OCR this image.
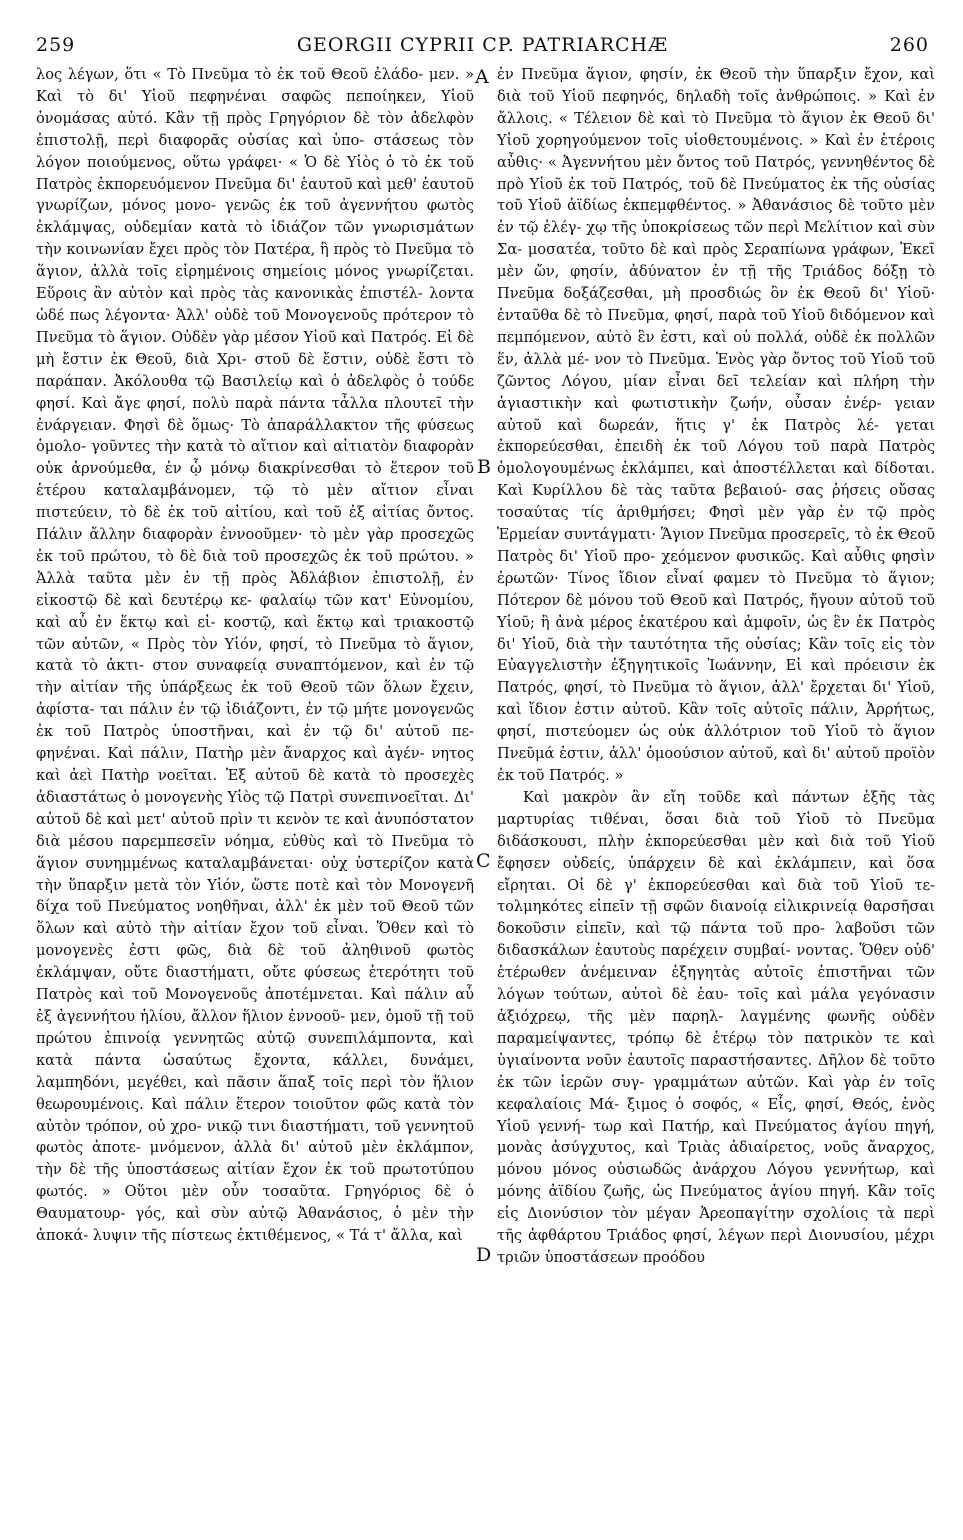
259	GEORGII CYPRII CP. PATRIARCHÆ	260

λος λέγων, ὅτι « Τὸ Πνεῦμα τὸ ἐκ τοῦ Θεοῦ ἐλάδο- μεν. » Καὶ τὸ δι' Υἱοῦ πεφηνέναι σαφῶς πεποίηκεν, Υἱοῦ ὀνομάσας αὐτό. Κἂν τῇ πρὸς Γρηγόριον δὲ τὸν ἀδελφὸν ἐπιστολῇ, περὶ διαφορᾶς οὐσίας καὶ ὑπο- στάσεως τὸν λόγον ποιούμενος, οὕτω γράφει· « Ὁ δὲ Υἱὸς ὁ τὸ ἐκ τοῦ Πατρὸς ἐκπορευόμενον Πνεῦμα δι' ἑαυτοῦ καὶ μεθ' ἑαυτοῦ γνωρίζων, μόνος μονο- γενῶς ἐκ τοῦ ἀγεννήτου φωτὸς ἐκλάμψας, οὐδεμίαν κατὰ τὸ ἰδιάζον τῶν γνωρισμάτων τὴν κοινωνίαν ἔχει πρὸς τὸν Πατέρα, ἢ πρὸς τὸ Πνεῦμα τὸ ἅγιον, ἀλλὰ τοῖς εἰρημένοις σημείοις μόνος γνωρίζεται. Εὕροις ἂν αὐτὸν καὶ πρὸς τὰς κανονικὰς ἐπιστέλ- λοντα ὡδέ πως λέγοντα· Ἀλλ' οὐδὲ τοῦ Μονογενοῦς πρότερον τὸ Πνεῦμα τὸ ἅγιον. Οὐδὲν γὰρ μέσον Υἱοῦ καὶ Πατρός. Εἰ δὲ μὴ ἔστιν ἐκ Θεοῦ, διὰ Χρι- στοῦ δὲ ἔστιν, οὐδὲ ἔστι τὸ παράπαν. Ἀκόλουθα τῷ Βασιλείῳ καὶ ὁ ἀδελφὸς ὁ τούδε φησί. Καὶ ἄγε φησί, πολὺ παρὰ πάντα τἆλλα πλουτεῖ τὴν ἐνάργειαν. Φησὶ δὲ ὅμως· Τὸ ἀπαράλλακτον τῆς φύσεως ὁμολο- γοῦντες τὴν κατὰ τὸ αἴτιον καὶ αἰτιατὸν διαφορὰν οὐκ ἀρνούμεθα, ἐν ᾧ μόνῳ διακρίνεσθαι τὸ ἕτερον τοῦ ἑτέρου καταλαμβάνομεν, τῷ τὸ μὲν αἴτιον εἶναι πιστεύειν, τὸ δὲ ἐκ τοῦ αἰτίου, καὶ τοῦ ἐξ αἰτίας ὄντος. Πάλιν ἄλλην διαφορὰν ἐννοοῦμεν· τὸ μὲν γὰρ προσεχῶς ἐκ τοῦ πρώτου, τὸ δὲ διὰ τοῦ προσεχῶς ἐκ τοῦ πρώτου. » Ἀλλὰ ταῦτα μὲν ἐν τῇ πρὸς Ἀδλάβιον ἐπιστολῇ, ἐν εἰκοστῷ δὲ καὶ δευτέρῳ κε- φαλαίῳ τῶν κατ' Εὐνομίου, καὶ αὖ ἐν ἕκτῳ καὶ εἰ- κοστῷ, καὶ ἕκτῳ καὶ τριακοστῷ τῶν αὐτῶν, « Πρὸς τὸν Υἱόν, φησί, τὸ Πνεῦμα τὸ ἅγιον, κατὰ τὸ ἀκτι- στον συναφείᾳ συναπτόμενον, καὶ ἐν τῷ τὴν αἰτίαν τῆς ὑπάρξεως ἐκ τοῦ Θεοῦ τῶν ὅλων ἔχειν, ἀφίστα- ται πάλιν ἐν τῷ ἰδιάζοντι, ἐν τῷ μήτε μονογενῶς ἐκ τοῦ Πατρὸς ὑποστῆναι, καὶ ἐν τῷ δι' αὐτοῦ πε- φηνέναι. Καὶ πάλιν, Πατὴρ μὲν ἄναρχος καὶ ἀγέν- νητος καὶ ἀεὶ Πατὴρ νοεῖται. Ἐξ αὐτοῦ δὲ κατὰ τὸ προσεχὲς ἀδιαστάτως ὁ μονογενὴς Υἱὸς τῷ Πατρὶ συνεπινοεῖται. Δι' αὐτοῦ δὲ καὶ μετ' αὐτοῦ πρὶν τι κενὸν τε καὶ ἀνυπόστατον διὰ μέσου παρεμπεσεῖν νόημα, εὐθὺς καὶ τὸ Πνεῦμα τὸ ἅγιον συνημμένως καταλαμβάνεται· οὐχ ὑστερίζον κατὰ τὴν ὕπαρξιν μετὰ τὸν Υἱόν, ὥστε ποτὲ καὶ τὸν Μονογενῆ δίχα τοῦ Πνεύματος νοηθῆναι, ἀλλ' ἐκ μὲν τοῦ Θεοῦ τῶν ὅλων καὶ αὐτὸ τὴν αἰτίαν ἔχον τοῦ εἶναι. Ὅθεν καὶ τὸ μονογενὲς ἐστι φῶς, διὰ δὲ τοῦ ἀληθινοῦ φωτὸς ἐκλάμψαν, οὔτε διαστήματι, οὔτε φύσεως ἑτερότητι τοῦ Πατρὸς καὶ τοῦ Μονογενοῦς ἀποτέμνεται. Καὶ πάλιν αὖ ἐξ ἀγεννήτου ἡλίου, ἄλλον ἥλιον ἐννοοῦ- μεν, ὁμοῦ τῇ τοῦ πρώτου ἐπινοίᾳ γεννητῶς αὐτῷ συνεπιλάμποντα, καὶ κατὰ πάντα ὡσαύτως ἔχοντα, κάλλει, δυνάμει, λαμπηδόνι, μεγέθει, καὶ πᾶσιν ἅπαξ τοῖς περὶ τὸν ἥλιον θεωρουμένοις. Καὶ πάλιν ἕτερον τοιοῦτον φῶς κατὰ τὸν αὐτὸν τρόπον, οὐ χρο- νικῷ τινι διαστήματι, τοῦ γεννητοῦ φωτὸς ἀποτε- μνόμενον, ἀλλὰ δι' αὐτοῦ μὲν ἐκλάμπον, τὴν δὲ τῆς ὑποστάσεως αἰτίαν ἔχον ἐκ τοῦ πρωτοτύπου φωτός. » Οὕτοι μὲν οὖν τοσαῦτα. Γρηγόριος δὲ ὁ Θαυματουρ- γός, καὶ σὺν αὐτῷ Ἀθανάσιος, ὁ μὲν τὴν ἀποκά- λυψιν τῆς πίστεως ἐκτιθέμενος, « Τά τ' ἄλλα, καὶ

ἐν Πνεῦμα ἅγιον, φησίν, ἐκ Θεοῦ τὴν ὕπαρξιν ἔχον, καὶ διὰ τοῦ Υἱοῦ πεφηνός, δηλαδὴ τοῖς ἀνθρώποις. » Καὶ ἐν ἄλλοις. « Τέλειον δὲ καὶ τὸ Πνεῦμα τὸ ἅγιον ἐκ Θεοῦ δι' Υἱοῦ χορηγούμενον τοῖς υἱοθετουμένοις. » Καὶ ἐν ἑτέροις αὖθις· « Ἀγεννήτου μὲν ὄντος τοῦ Πατρός, γεννηθέντος δὲ πρὸ Υἱοῦ ἐκ τοῦ Πατρός, τοῦ δὲ Πνεύματος ἐκ τῆς οὐσίας τοῦ Υἱοῦ ἀϊδίως ἐκπεμφθέντος. » Ἀθανάσιος δὲ τοῦτο μὲν ἐν τῷ ἐλέγ- χῳ τῆς ὑποκρίσεως τῶν περὶ Μελίτιον καὶ σὺν Σα- μοσατέα, τοῦτο δὲ καὶ πρὸς Σεραπίωνα γράφων, Ἐκεῖ μὲν ὤν, φησίν, ἀδύνατον ἐν τῇ τῆς Τριάδος δόξῃ τὸ Πνεῦμα δοξάζεσθαι, μὴ προσδιώς ὂν ἐκ Θεοῦ δι' Υἱοῦ· ἐνταῦθα δὲ τὸ Πνεῦμα, φησί, παρὰ τοῦ Υἱοῦ διδόμενον καὶ πεμπόμενον, αὐτὸ ἓν ἐστι, καὶ οὐ πολλά, οὐδὲ ἐκ πολλῶν ἕν, ἀλλὰ μέ- νον τὸ Πνεῦμα. Ἑνὸς γὰρ ὄντος τοῦ Υἱοῦ τοῦ ζῶντος Λόγου, μίαν εἶναι δεῖ τελείαν καὶ πλήρη τὴν ἁγιαστικὴν καὶ φωτιστικὴν ζωήν, οὖσαν ἐνέρ- γειαν αὐτοῦ καὶ δωρεάν, ἥτις γ' ἐκ Πατρὸς λέ- γεται ἐκπορεύεσθαι, ἐπειδὴ ἐκ τοῦ Λόγου τοῦ παρὰ Πατρὸς ὁμολογουμένως ἐκλάμπει, καὶ ἀποστέλλεται καὶ δίδοται. Καὶ Κυρίλλου δὲ τὰς ταῦτα βεβαιού- σας ῥήσεις οὔσας τοσαύτας τίς ἀριθμήσει; Φησὶ μὲν γὰρ ἐν τῷ πρὸς Ἑρμείαν συντάγματι· Ἅγιον Πνεῦμα προσερεῖς, τὸ ἐκ Θεοῦ Πατρὸς δι' Υἱοῦ προ- χεόμενον φυσικῶς. Καὶ αὖθις φησὶν ἐρωτῶν· Τίνος ἴδιον εἶναί φαμεν τὸ Πνεῦμα τὸ ἅγιον; Πότερον δὲ μόνου τοῦ Θεοῦ καὶ Πατρός, ἤγουν αὐτοῦ τοῦ Υἱοῦ; ἢ ἀνὰ μέρος ἑκατέρου καὶ ἀμφοῖν, ὡς ἓν ἐκ Πατρὸς δι' Υἱοῦ, διὰ τὴν ταυτότητα τῆς οὐσίας; Κἂν τοῖς εἰς τὸν Εὐαγγελιστὴν ἐξηγητικοῖς Ἰωάννην, Εἰ καὶ πρόεισιν ἐκ Πατρός, φησί, τὸ Πνεῦμα τὸ ἅγιον, ἀλλ' ἔρχεται δι' Υἱοῦ, καὶ ἴδιον ἐστιν αὐτοῦ. Κἂν τοῖς αὐτοῖς πάλιν, Ἀρρήτως, φησί, πιστεύομεν ὡς οὐκ ἀλλότριον τοῦ Υἱοῦ τὸ ἅγιον Πνεῦμά ἐστιν, ἀλλ' ὁμοούσιον αὐτοῦ, καὶ δι' αὐτοῦ προϊὸν ἐκ τοῦ Πατρός. »

Καὶ μακρὸν ἂν εἴη τοῦδε καὶ πάντων ἑξῆς τὰς μαρτυρίας τιθέναι, ὅσαι διὰ τοῦ Υἱοῦ τὸ Πνεῦμα διδάσκουσι, πλὴν ἐκπορεύεσθαι μὲν καὶ διὰ τοῦ Υἱοῦ ἔφησεν οὐδείς, ὑπάρχειν δὲ καὶ ἐκλάμπειν, καὶ ὅσα εἴρηται. Οἱ δὲ γ' ἐκπορεύεσθαι καὶ διὰ τοῦ Υἱοῦ τε- τολμηκότες εἰπεῖν τῇ σφῶν διανοίᾳ εἰλικρινείᾳ θαρσῆσαι δοκοῦσιν εἰπεῖν, καὶ τῷ πάντα τοῦ προ- λαβοῦσι τῶν διδασκάλων ἑαυτοὺς παρέχειν συμβαί- νοντας. Ὅθεν οὐδ' ἑτέρωθεν ἀνέμειναν ἐξηγητὰς αὐτοῖς ἐπιστῆναι τῶν λόγων τούτων, αὐτοὶ δὲ ἑαυ- τοῖς καὶ μάλα γεγόνασιν ἀξιόχρεῳ, τῆς μὲν παρηλ- λαγμένης φωνῆς οὐδὲν παραμείψαντες, τρόπῳ δὲ ἑτέρῳ τὸν πατρικὸν τε καὶ ὑγιαίνοντα νοῦν ἑαυτοῖς παραστήσαντες. Δῆλον δὲ τοῦτο ἐκ τῶν ἱερῶν συγ- γραμμάτων αὐτῶν. Καὶ γὰρ ἐν τοῖς κεφαλαίοις Μά- ξιμος ὁ σοφός, « Εἷς, φησί, Θεός, ἑνὸς Υἱοῦ γεννή- τωρ καὶ Πατήρ, καὶ Πνεύματος ἁγίου πηγή, μονὰς ἀσύγχυτος, καὶ Τριὰς ἀδιαίρετος, νοῦς ἄναρχος, μόνου μόνος οὐσιωδῶς ἀνάρχου Λόγου γεννήτωρ, καὶ μόνης ἀϊδίου ζωῆς, ὡς Πνεύματος ἁγίου πηγή. Κἂν τοῖς εἰς Διονύσιον τὸν μέγαν Ἀρεοπαγίτην σχολίοις τὰ περὶ τῆς ἀφθάρτου Τριάδος φησί, λέγων περὶ Διονυσίου, μέχρι τριῶν ὑποστάσεων προόδου

A
B
C
D
